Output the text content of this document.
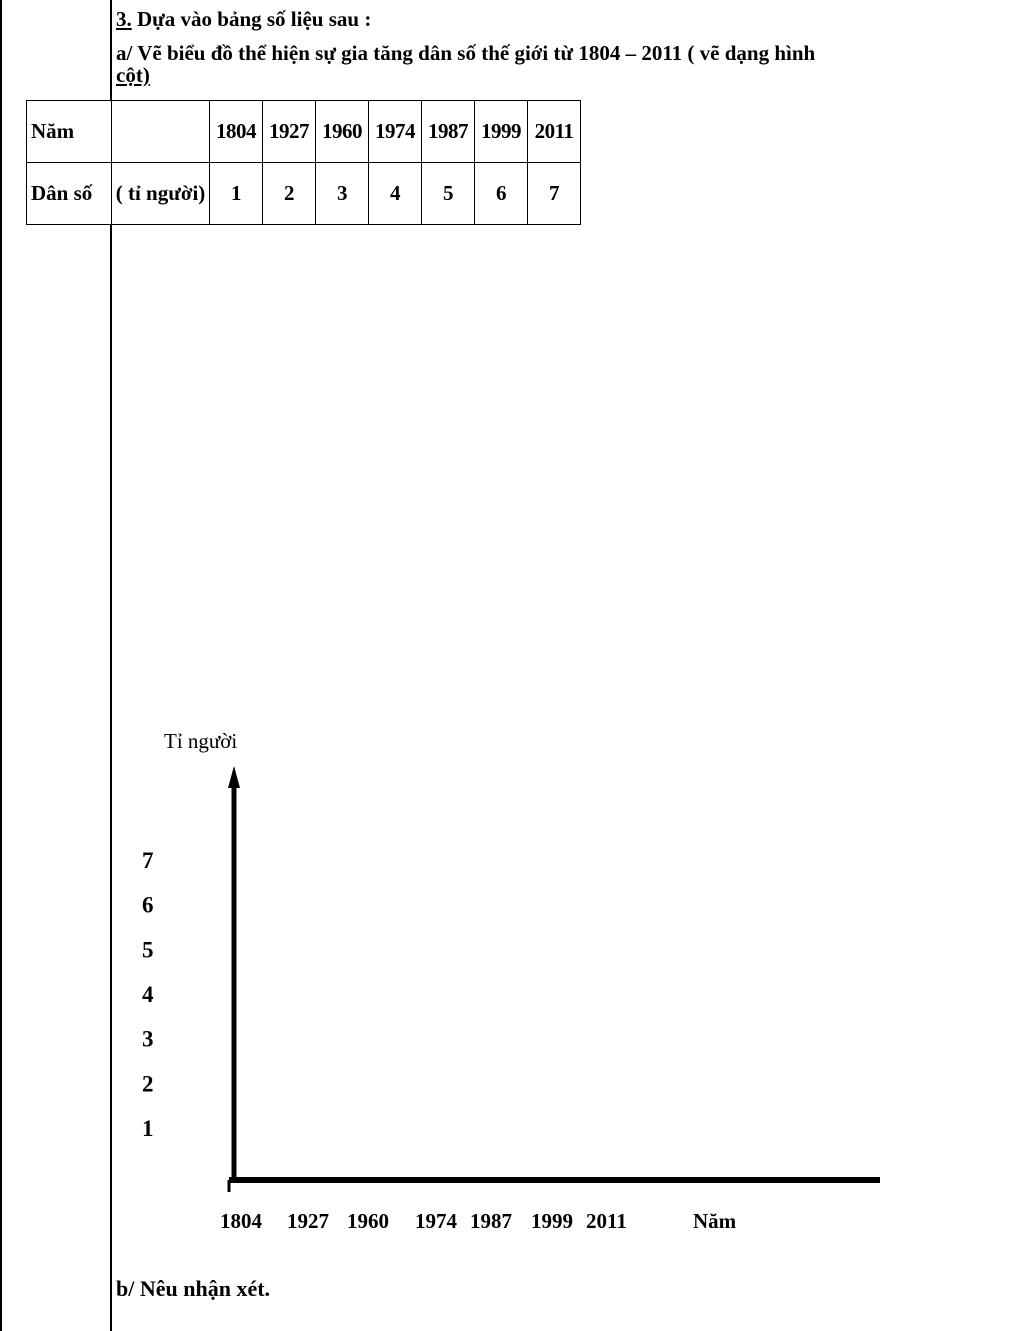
3. Dựa vào bảng số liệu sau :
a/ Vẽ biểu đồ thể hiện sự gia tăng dân số thế giới từ 1804 – 2011 ( vẽ dạng hình
cột)
Năm		1804	1927	1960	1974	1987	1999	2011
Dân số	( tỉ người)	1	2	3	4	5	6	7
Tỉ người
1
2
3
4
5
6
7
1804 1927 1960 1974 1987 1999 2011	Năm
b/ Nêu nhận xét.
